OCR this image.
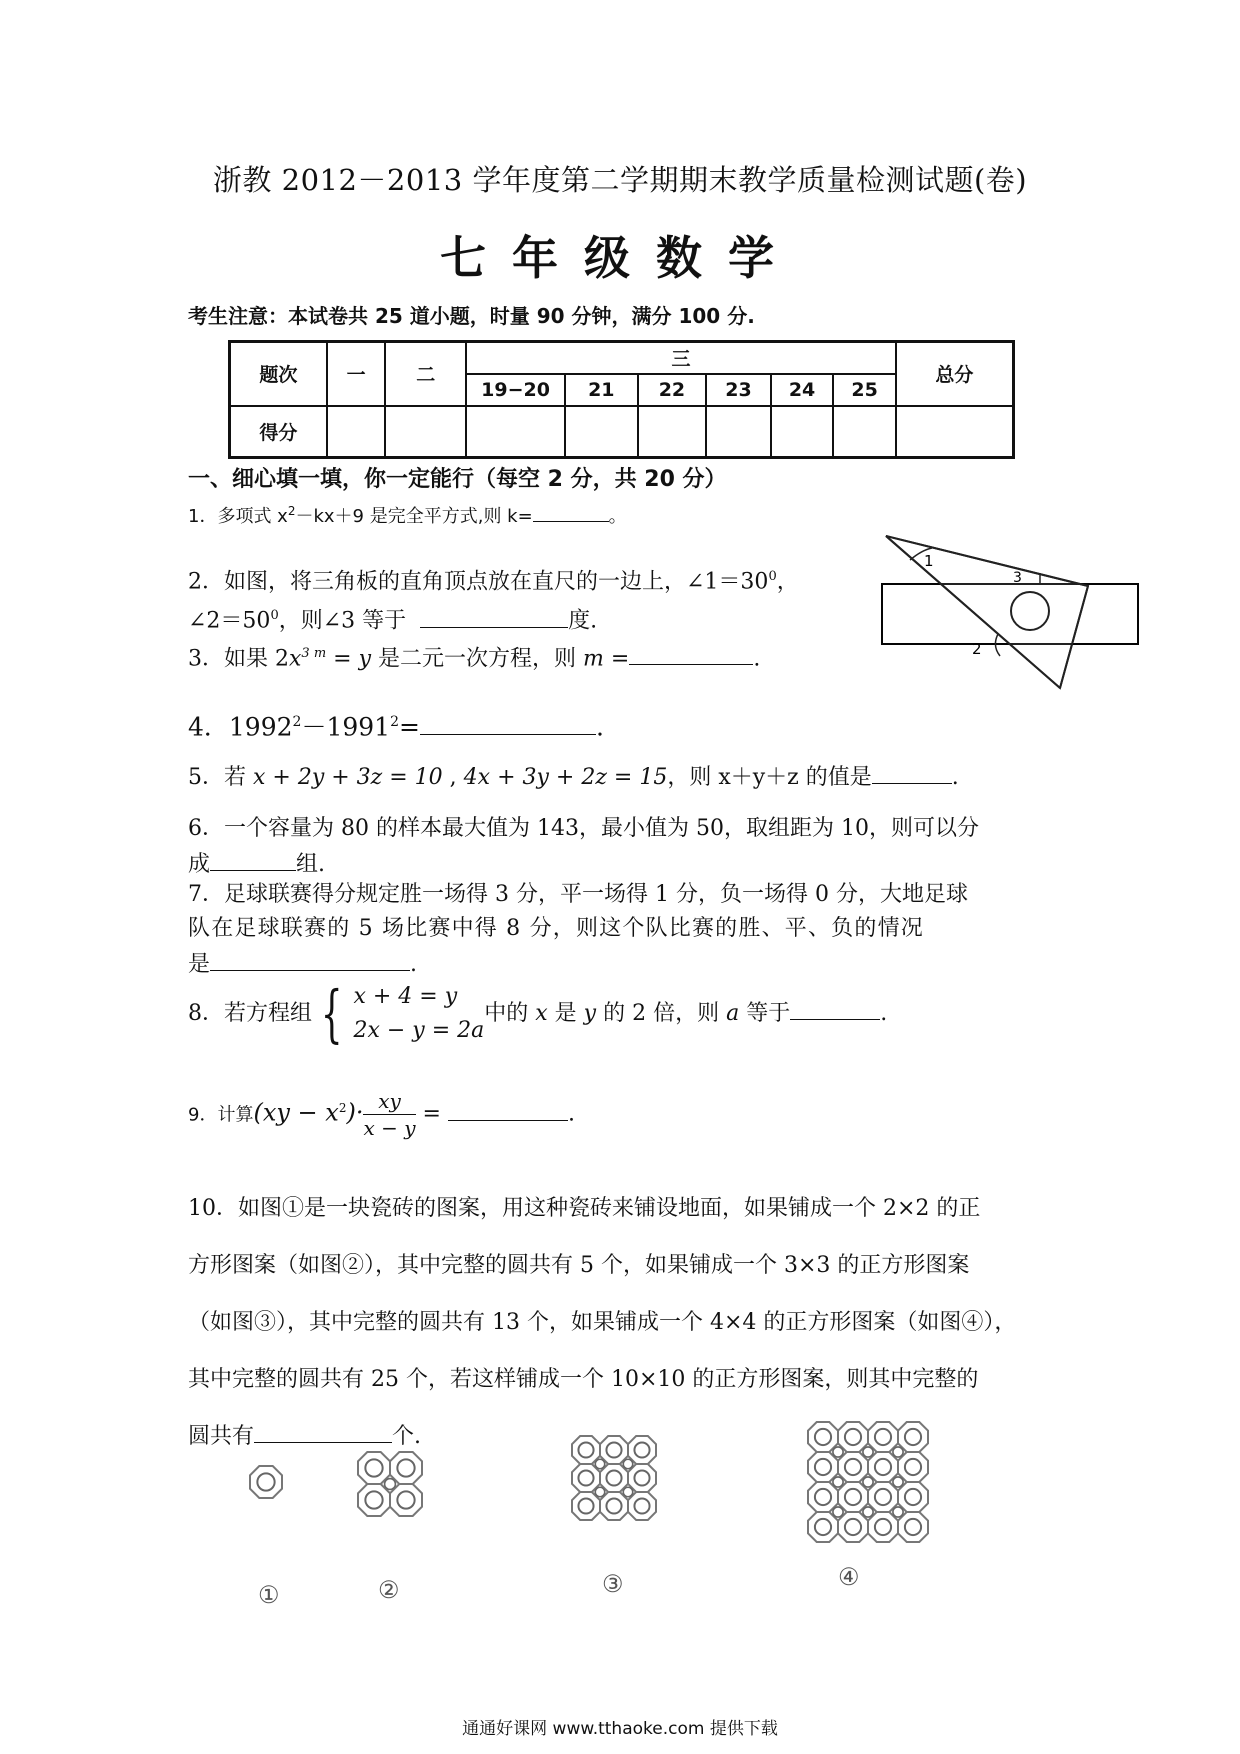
浙教 2012－2013 学年度第二学期期末教学质量检测试题(卷)
七年级数学
考生注意：本试卷共 25 道小题，时量 90 分钟，满分 100 分.
题次	一	二	三						总分
			19−20	21	22	23	24	25	
得分									
一、细心填一填，你一定能行（每空 2 分，共 20 分）
1．多项式 $x^2-kx+9$ 是完全平方式,则 k=	。
2．如图，将三角板的直角顶点放在直尺的一边上，$\angle 1=30^0$，
$\angle 2=50^0$，则∠3 等于	度.
1
3
2
3．如果 $2x^{3 m} = y$ 是二元一次方程，则 m =	.
4．$1992^2-1991^2=$	.
5．若 x + 2y + 3z = 10 , 4x + 3y + 2z = 15，则 x＋y＋z 的值是	.
6．一个容量为 80 的样本最大值为 143，最小值为 50，取组距为 10，则可以分
成	组.
7．足球联赛得分规定胜一场得 3 分，平一场得 1 分，负一场得 0 分，大地足球
队在足球联赛的 5 场比赛中得 8 分，则这个队比赛的胜、平、负的情况
是	.
8．若方程组 { x + 4 = y
2x − y = 2a
中的 x 是 y 的 2 倍，则 a 等于	.
9．计算$(xy - x^2)\cdot \frac{xy}{x - y}$ =	.
10．如图①是一块瓷砖的图案，用这种瓷砖来铺设地面，如果铺成一个 2×2 的正
方形图案（如图②），其中完整的圆共有 5 个，如果铺成一个 3×3 的正方形图案
（如图③），其中完整的圆共有 13 个，如果铺成一个 4×4 的正方形图案（如图④），
其中完整的圆共有 25 个，若这样铺成一个 10×10 的正方形图案，则其中完整的
圆共有	个.
①	②	③	④
通通好课网 www.tthaoke.com 提供下载
